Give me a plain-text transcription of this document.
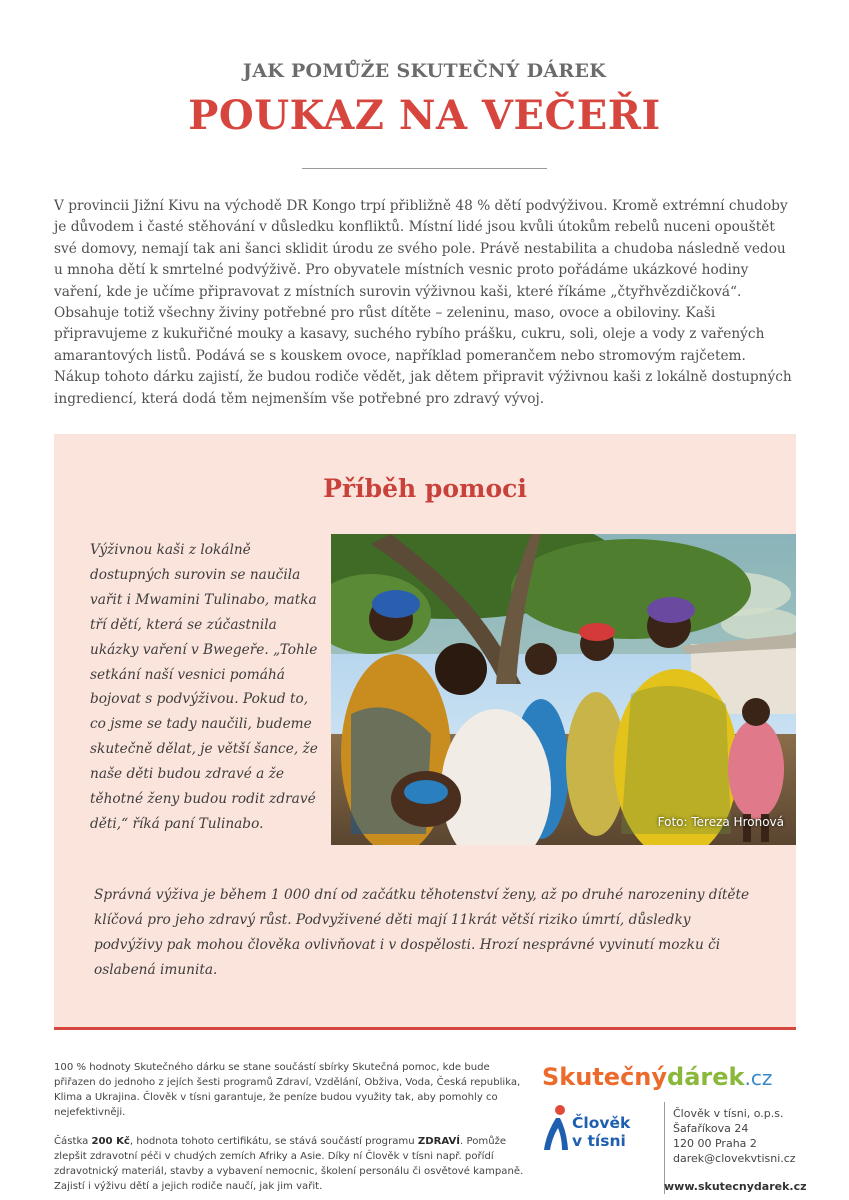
JAK POMŮŽE SKUTEČNÝ DÁREK
POUKAZ NA VEČEŘI

V provincii Jižní Kivu na východě DR Kongo trpí přibližně 48 % dětí podvýživou. Kromě extrémní chudoby je důvodem i časté stěhování v důsledku konfliktů. Místní lidé jsou kvůli útokům rebelů nuceni opouštět své domovy, nemají tak ani šanci sklidit úrodu ze svého pole. Právě nestabilita a chudoba následně vedou u mnoha dětí k smrtelné podvýživě. Pro obyvatele místních vesnic proto pořádáme ukázkové hodiny vaření, kde je učíme připravovat z místních surovin výživnou kaši, které říkáme „čtyřhvězdičková“. Obsahuje totiž všechny živiny potřebné pro růst dítěte – zeleninu, maso, ovoce a obiloviny. Kaši připravujeme z kukuřičné mouky a kasavy, suchého rybího prášku, cukru, soli, oleje a vody z vařených amarantových listů. Podává se s kouskem ovoce, například pomerančem nebo stromovým rajčetem. Nákup tohoto dárku zajistí, že budou rodiče vědět, jak dětem připravit výživnou kaši z lokálně dostupných ingrediencí, která dodá těm nejmenším vše potřebné pro zdravý vývoj.

Příběh pomoci

Výživnou kaši z lokálně dostupných surovin se naučila vařit i Mwamini Tulinabo, matka tří dětí, která se zúčastnila ukázky vaření v Bwegeře. „Tohle setkání naší vesnici pomáhá bojovat s podvýživou. Pokud to, co jsme se tady naučili, budeme skutečně dělat, je větší šance, že naše děti budou zdravé a že těhotné ženy budou rodit zdravé děti,“ říká paní Tulinabo.	Foto: Tereza Hronová

Správná výživa je během 1 000 dní od začátku těhotenství ženy, až po druhé narozeniny dítěte klíčová pro jeho zdravý růst. Podvyživené děti mají 11krát větší riziko úmrtí, důsledky podvýživy pak mohou člověka ovlivňovat i v dospělosti. Hrozí nesprávné vyvinutí mozku či oslabená imunita.

100 % hodnoty Skutečného dárku se stane součástí sbírky Skutečná pomoc, kde bude přiřazen do jednoho z jejích šesti programů Zdraví, Vzdělání, Obživa, Voda, Česká republika, Klima a Ukrajina. Člověk v tísni garantuje, že peníze budou využity tak, aby pomohly co nejefektivněji.

Částka 200 Kč, hodnota tohoto certifikátu, se stává součástí programu ZDRAVÍ. Pomůže zlepšit zdravotní péči v chudých zemích Afriky a Asie. Díky ní Člověk v tísni např. pořídí zdravotnický materiál, stavby a vybavení nemocnic, školení personálu či osvětové kampaně. Zajistí i výživu dětí a jejich rodiče naučí, jak jim vařit.

Skutečnýdárek.cz
Člověk
v tísni
Člověk v tísni, o.p.s.
Šafaříkova 24
120 00 Praha 2
darek@clovekvtisni.cz
www.skutecnydarek.cz
